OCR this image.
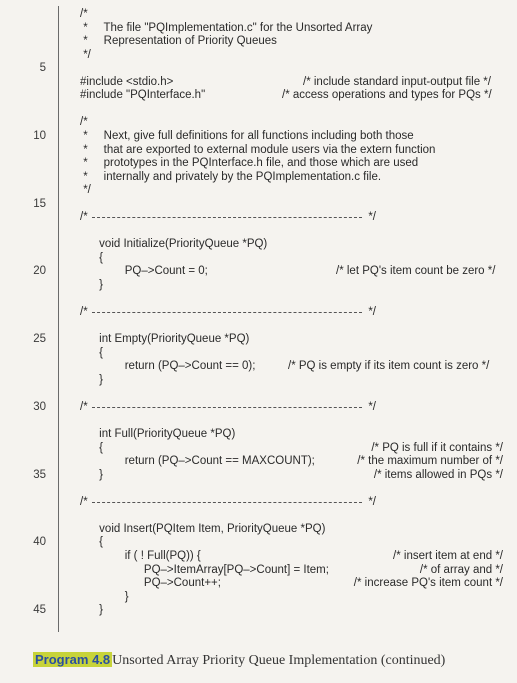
/*
*     The file "PQImplementation.c" for the Unsorted Array
*     Representation of Priority Queues
*/
5
#include <stdio.h>	/* include standard input-output file */
#include "PQInterface.h"	/* access operations and types for PQs */
/*
10	*     Next, give full definitions for all functions including both those
*     that are exported to external module users via the extern function
*     prototypes in the PQInterface.h file, and those which are used
*     internally and privately by the PQImplementation.c file.
*/
15
/*	*/
void Initialize(PriorityQueue *PQ)
{
20	PQ–>Count = 0;	/* let PQ's item count be zero */
}
/*	*/
25	int Empty(PriorityQueue *PQ)
{
return (PQ–>Count == 0);	/* PQ is empty if its item count is zero */
}
30	/*	*/
int Full(PriorityQueue *PQ)
{	/* PQ is full if it contains */
return (PQ–>Count == MAXCOUNT);	/* the maximum number of */
35	}	/* items allowed in PQs */
/*	*/
void Insert(PQItem Item, PriorityQueue *PQ)
40	{
if ( ! Full(PQ)) {	/* insert item at end */
PQ–>ItemArray[PQ–>Count] = Item;	/* of array and */
PQ–>Count++;	/* increase PQ's item count */
}
45	}
Program 4.8 Unsorted Array Priority Queue Implementation (continued)
